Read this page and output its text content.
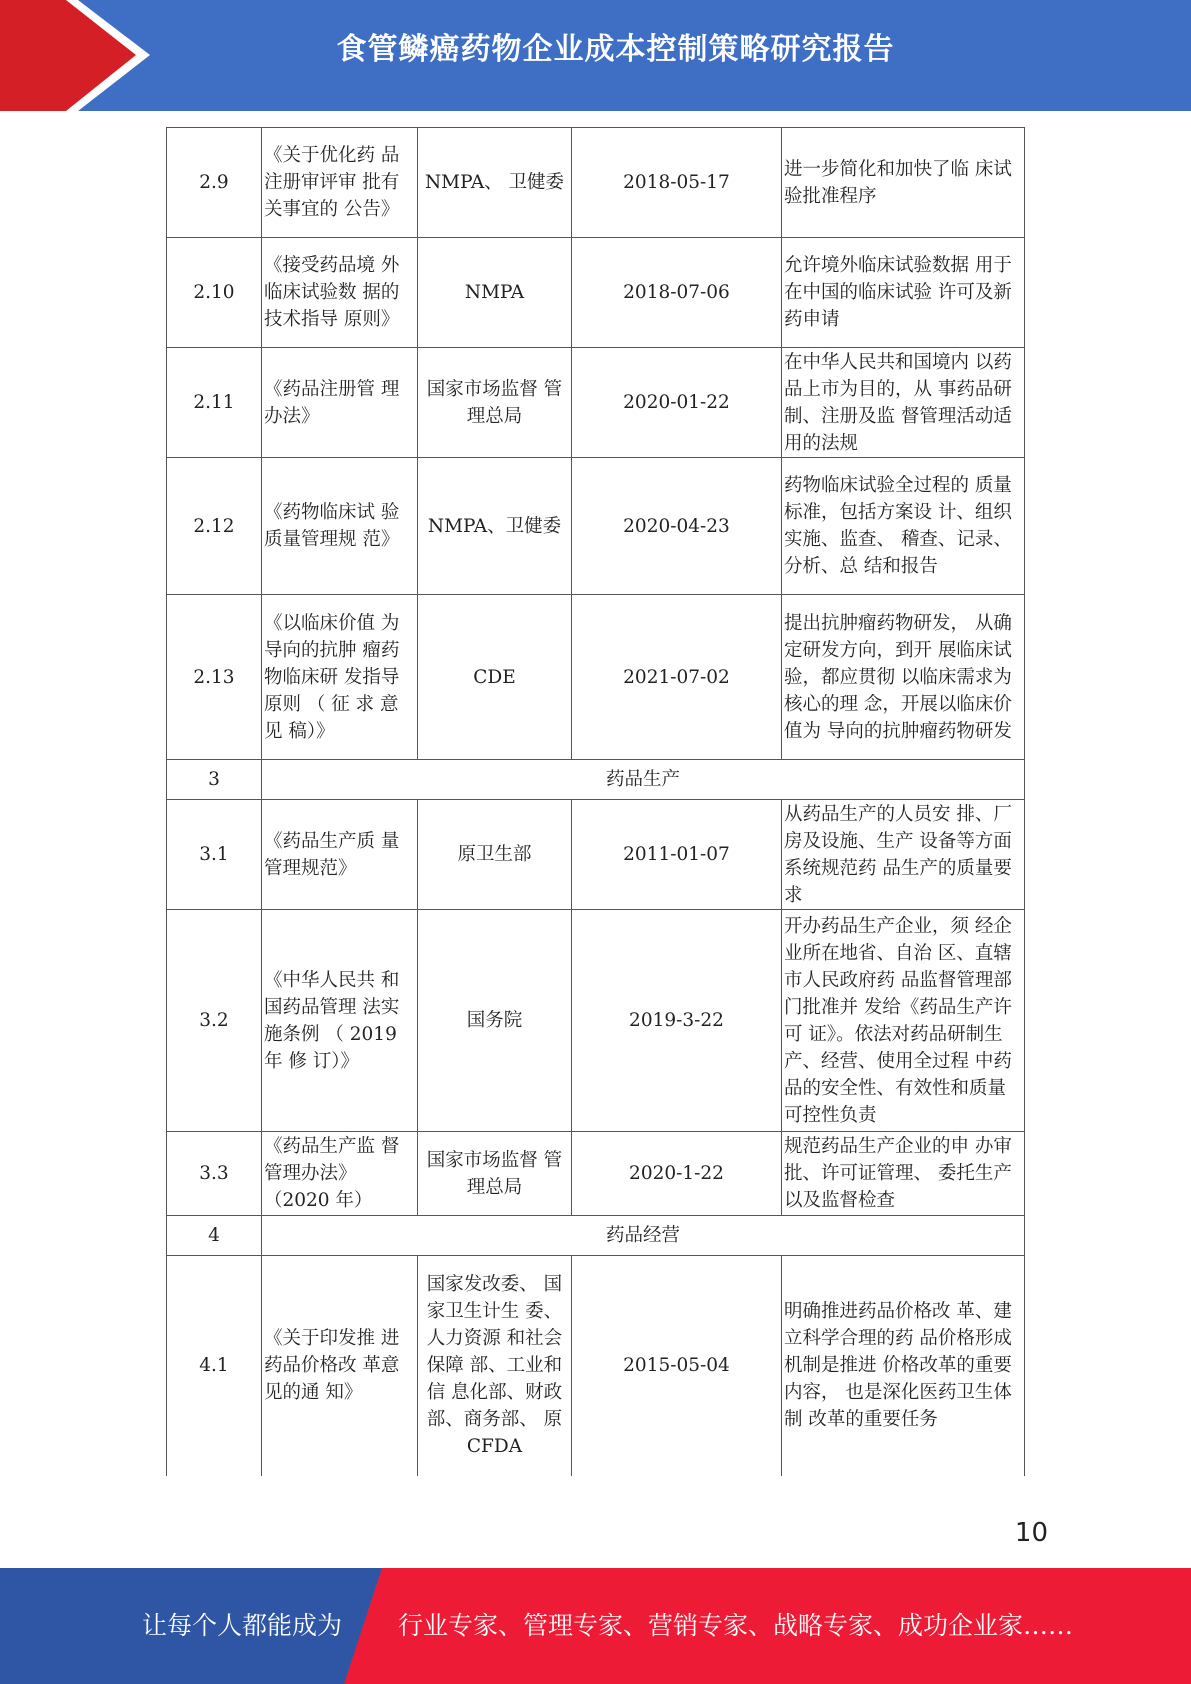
食管鳞癌药物企业成本控制策略研究报告
2.9	《关于优化药 品注册审评审 批有关事宜的 公告》	NMPA、 卫健委	2018-05-17	进一步简化和加快了临 床试验批准程序
2.10	《接受药品境 外临床试验数 据的技术指导 原则》	NMPA	2018-07-06	允许境外临床试验数据 用于在中国的临床试验 许可及新药申请
2.11	《药品注册管 理办法》	国家市场监督 管理总局	2020-01-22	在中华人民共和国境内 以药品上市为目的，从 事药品研制、注册及监 督管理活动适用的法规
2.12	《药物临床试 验质量管理规 范》	NMPA、卫健委	2020-04-23	药物临床试验全过程的 质量标准，包括方案设 计、组织实施、监查、 稽查、记录、分析、总 结和报告
2.13	《以临床价值 为导向的抗肿 瘤药物临床研 发指导原则 （ 征 求 意 见 稿）》	CDE	2021-07-02	提出抗肿瘤药物研发， 从确定研发方向，到开 展临床试验，都应贯彻 以临床需求为核心的理 念，开展以临床价值为 导向的抗肿瘤药物研发
3	药品生产			
3.1	《药品生产质 量管理规范》	原卫生部	2011-01-07	从药品生产的人员安 排、厂房及设施、生产 设备等方面系统规范药 品生产的质量要求
3.2	《中华人民共 和国药品管理 法实施条例 （ 2019 年 修 订）》	国务院	2019-3-22	开办药品生产企业，须 经企业所在地省、自治 区、直辖市人民政府药 品监督管理部门批准并 发给《药品生产许可 证》。依法对药品研制生 产、经营、使用全过程 中药品的安全性、有效性和质量可控性负责
3.3	《药品生产监 督管理办法》 （2020 年）	国家市场监督 管理总局	2020-1-22	规范药品生产企业的申 办审批、许可证管理、 委托生产以及监督检查
4	药品经营			
4.1	《关于印发推 进药品价格改 革意见的通 知》	国家发改委、 国家卫生计生 委、人力资源 和社会保障 部、工业和信 息化部、财政部、商务部、 原 CFDA	2015-05-04	明确推进药品价格改 革、建立科学合理的药 品价格形成机制是推进 价格改革的重要内容， 也是深化医药卫生体制 改革的重要任务
10
让每个人都能成为 行业专家、管理专家、营销专家、战略专家、成功企业家……
